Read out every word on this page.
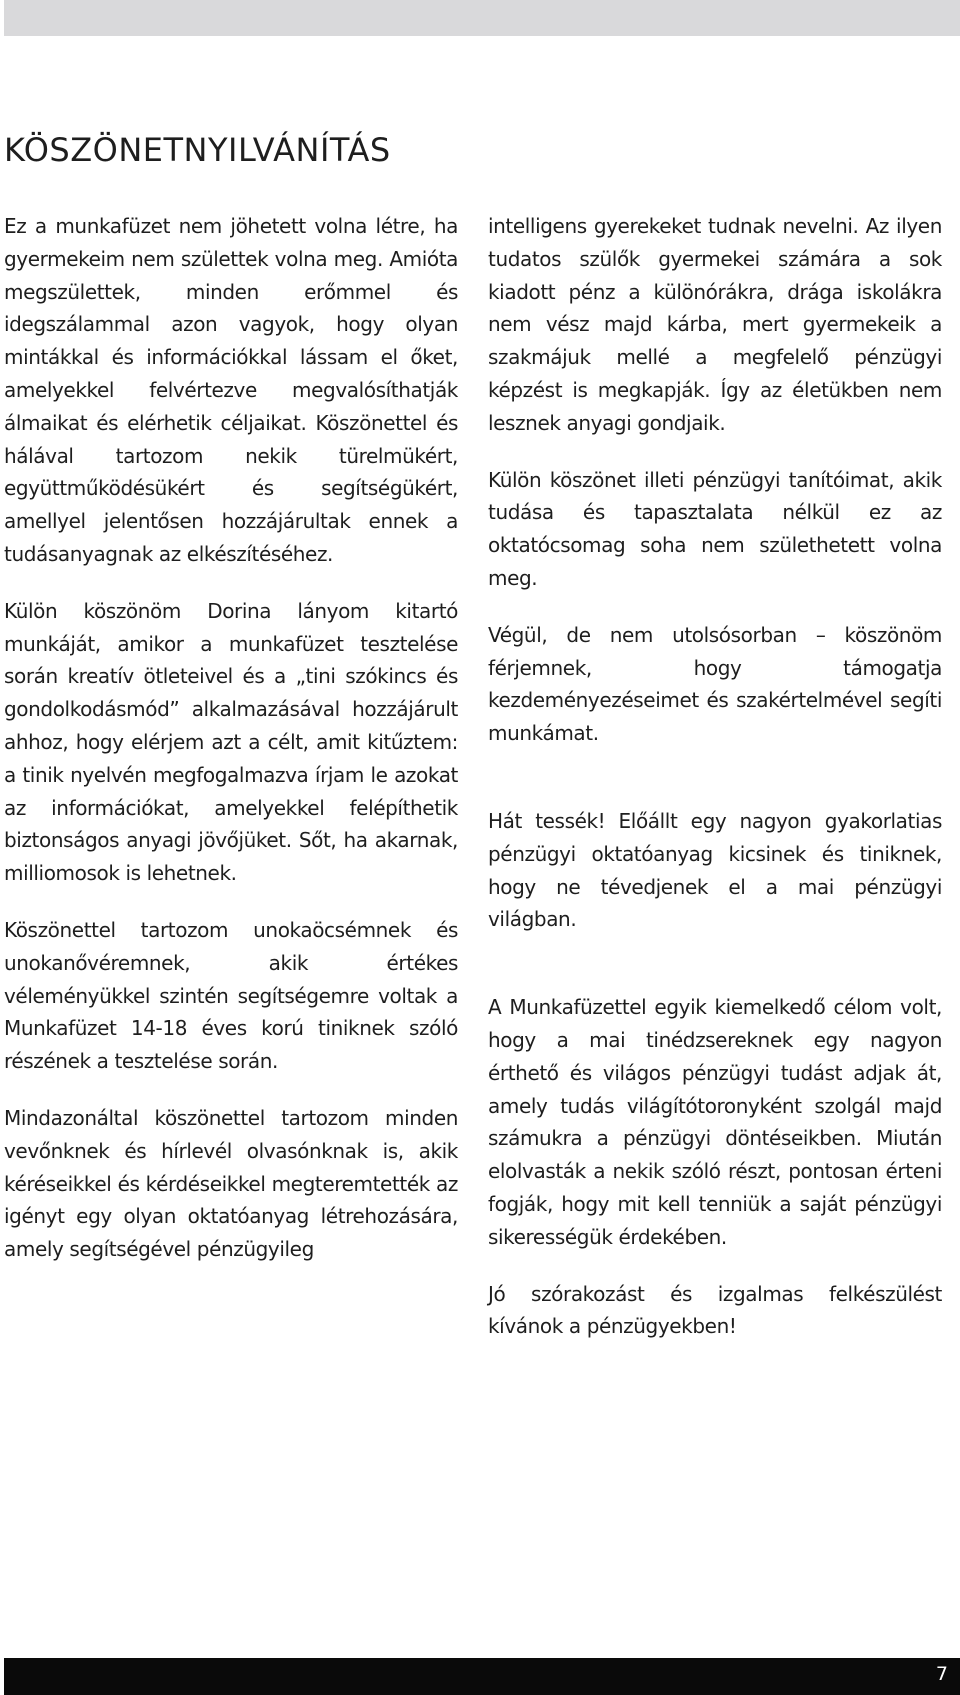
KÖSZÖNETNYILVÁNÍTÁS

Ez a munkafüzet nem jöhetett volna létre, ha gyermekeim nem születtek volna meg. Amióta megszülettek, minden erőmmel és idegszálammal azon vagyok, hogy olyan mintákkal és információkkal lássam el őket, amelyekkel felvértezve megvalósíthatják álmaikat és elérhetik céljaikat. Köszönettel és hálával tartozom nekik türelmükért, együttműködésükért és segítségükért, amellyel jelentősen hozzájárultak ennek a tudásanyagnak az elkészítéséhez.

Külön köszönöm Dorina lányom kitartó munkáját, amikor a munkafüzet tesztelése során kreatív ötleteivel és a „tini szókincs és gondolkodásmód” alkalmazásával hozzájárult ahhoz, hogy elérjem azt a célt, amit kitűztem: a tinik nyelvén megfogalmazva írjam le azokat az információkat, amelyekkel felépíthetik biztonságos anyagi jövőjüket. Sőt, ha akarnak, milliomosok is lehetnek.

Köszönettel tartozom unokaöcsémnek és unokanővéremnek, akik értékes véleményükkel szintén segítségemre voltak a Munkafüzet 14-18 éves korú tiniknek szóló részének a tesztelése során.

Mindazonáltal köszönettel tartozom minden vevőnknek és hírlevél olvasónknak is, akik kéréseikkel és kérdéseikkel megteremtették az igényt egy olyan oktatóanyag létrehozására, amely segítségével pénzügyileg

intelligens gyerekeket tudnak nevelni. Az ilyen tudatos szülők gyermekei számára a sok kiadott pénz a különórákra, drága iskolákra nem vész majd kárba, mert gyermekeik a szakmájuk mellé a megfelelő pénzügyi képzést is megkapják. Így az életükben nem lesznek anyagi gondjaik.

Külön köszönet illeti pénzügyi tanítóimat, akik tudása és tapasztalata nélkül ez az oktatócsomag soha nem születhetett volna meg.

Végül, de nem utolsósorban – köszönöm férjemnek, hogy támogatja kezdeményezéseimet és szakértelmével segíti munkámat.

Hát tessék! Előállt egy nagyon gyakorlatias pénzügyi oktatóanyag kicsinek és tiniknek, hogy ne tévedjenek el a mai pénzügyi világban.

A Munkafüzettel egyik kiemelkedő célom volt, hogy a mai tinédzsereknek egy nagyon érthető és világos pénzügyi tudást adjak át, amely tudás világítótoronyként szolgál majd számukra a pénzügyi döntéseikben. Miután elolvasták a nekik szóló részt, pontosan érteni fogják, hogy mit kell tenniük a saját pénzügyi sikerességük érdekében.

Jó szórakozást és izgalmas felkészülést kívánok a pénzügyekben!

7
